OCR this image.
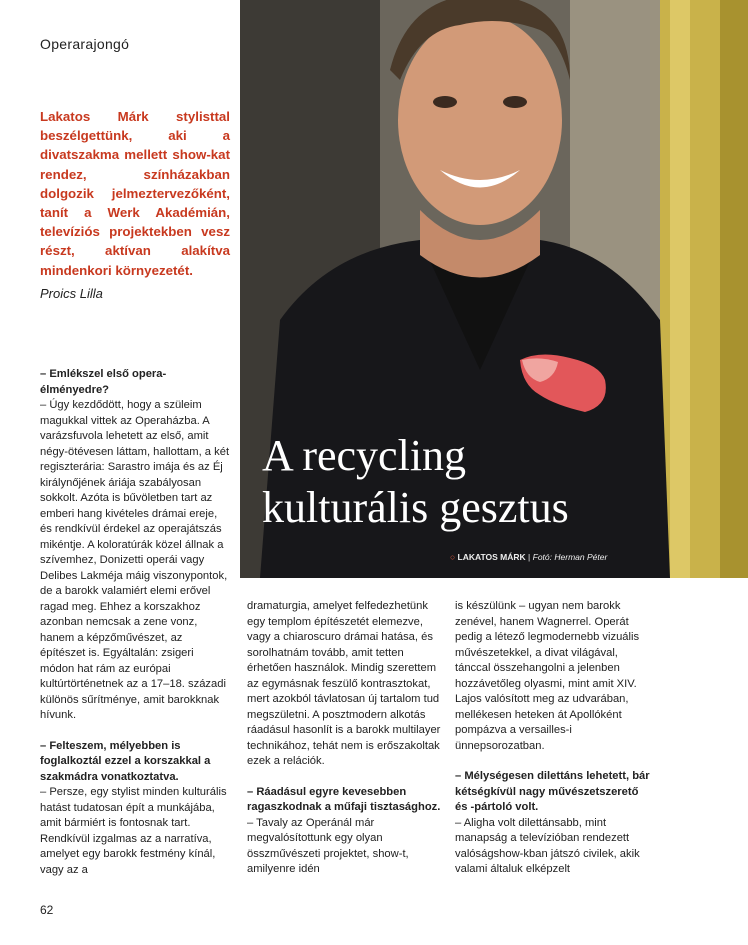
Operarajongó
Lakatos Márk stylisttal beszélgettünk, aki a divatszakma mellett show-kat rendez, színházakban dolgozik jelmeztervezőként, tanít a Werk Akadémián, televíziós projektekben vesz részt, aktívan alakítva mindenkori környezetét.
Proics Lilla
A recycling
kulturális gesztus
○ LAKATOS MÁRK | Fotó: Herman Péter

– Emlékszel első opera-élményedre?

– Úgy kezdődött, hogy a szüleim magukkal vittek az Operaházba. A varázsfuvola lehetett az első, amit négy-ötévesen láttam, hallottam, a két regiszterária: Sarastro imája és az Éj királynőjének áriája szabályosan sokkolt. Azóta is bűvöletben tart az emberi hang kivételes drámai ereje, és rendkívül érdekel az operajátszás mikéntje. A koloratúrák közel állnak a szívemhez, Donizetti operái vagy Delibes Lakméja máig viszonypontok, de a barokk valamiért elemi erővel ragad meg. Ehhez a korszakhoz azonban nemcsak a zene vonz, hanem a képzőművészet, az építészet is. Egyáltalán: zsigeri módon hat rám az európai kultúrtörténetnek az a 17–18. századi különös sűrítménye, amit barokknak hívunk.

– Felteszem, mélyebben is foglalkoztál ezzel a korszakkal a szakmádra vonatkoztatva.

– Persze, egy stylist minden kulturális hatást tudatosan épít a munkájába, amit bármiért is fontosnak tart. Rendkívül izgalmas az a narratíva, amelyet egy barokk festmény kínál, vagy az a

dramaturgia, amelyet felfedezhetünk egy templom építészetét elemezve, vagy a chiaroscuro drámai hatása, és sorolhatnám tovább, amit tetten érhetően használok. Mindig szerettem az egymásnak feszülő kontrasztokat, mert azokból távlatosan új tartalom tud megszületni. A posztmodern alkotás ráadásul hasonlít is a barokk multilayer technikához, tehát nem is erőszakoltak ezek a relációk.

– Ráadásul egyre kevesebben ragaszkodnak a műfaji tisztasághoz.

– Tavaly az Operánál már megvalósítottunk egy olyan összművészeti projektet, show-t, amilyenre idén

is készülünk – ugyan nem barokk zenével, hanem Wagnerrel. Operát pedig a létező legmodernebb vizuális művészetekkel, a divat világával, tánccal összehangolni a jelenben hozzávetőleg olyasmi, mint amit XIV. Lajos valósított meg az udvarában, mellékesen heteken át Apollóként pompázva a versailles-i ünnepsorozatban.

– Mélységesen dilettáns lehetett, bár kétségkívül nagy művészetszerető és -pártoló volt.

– Aligha volt dilettánsabb, mint manapság a televízióban rendezett valóságshow-kban játszó civilek, akik valami általuk elképzelt

62
